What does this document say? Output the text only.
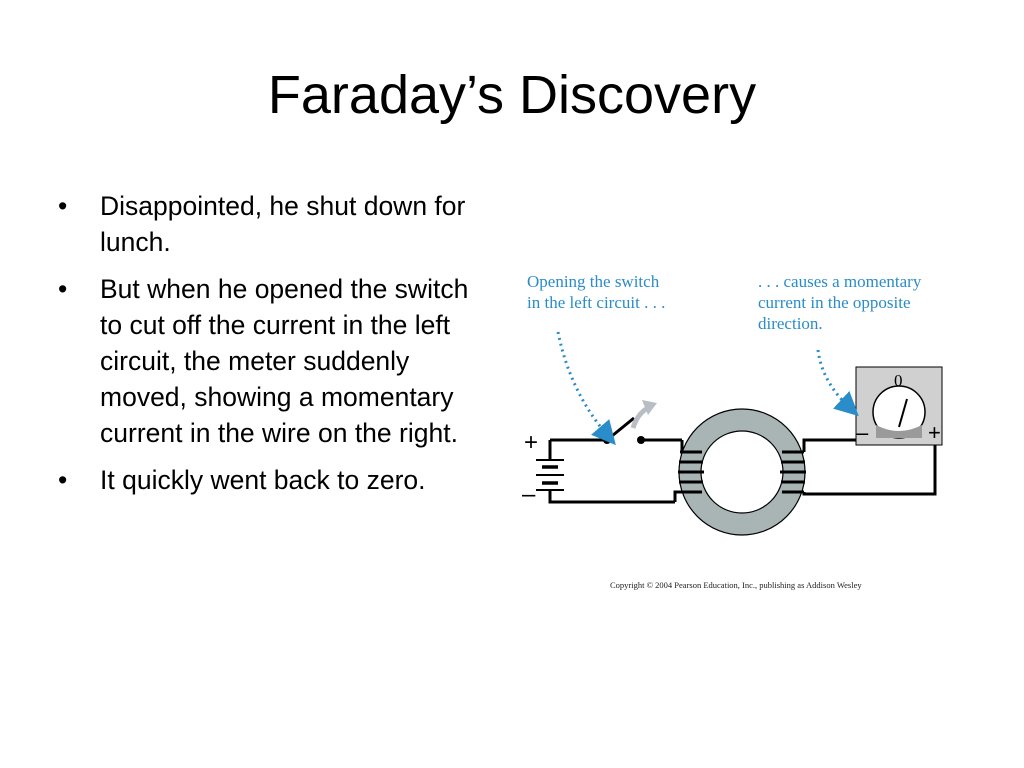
Faraday’s Discovery
• Disappointed, he shut down for lunch.
• But when he opened the switch to cut off the current in the left circuit, the meter suddenly moved, showing a momentary current in the wire on the right.
• It quickly went back to zero.
Opening the switch
in the left circuit . . .
. . . causes a momentary
current in the opposite
direction.
+
–
0
–	+
Copyright © 2004 Pearson Education, Inc., publishing as Addison Wesley
